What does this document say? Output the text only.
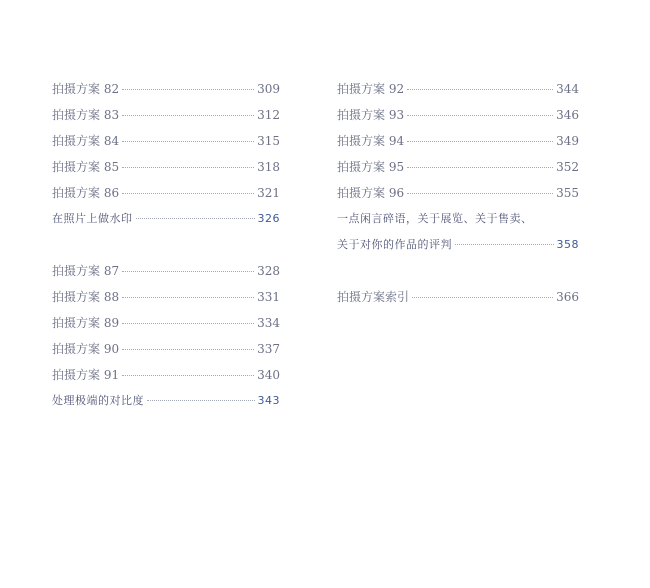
拍摄方案 82	309
拍摄方案 83	312
拍摄方案 84	315
拍摄方案 85	318
拍摄方案 86	321
在照片上做水印	326
拍摄方案 87	328
拍摄方案 88	331
拍摄方案 89	334
拍摄方案 90	337
拍摄方案 91	340
处理极端的对比度	343
拍摄方案 92	344
拍摄方案 93	346
拍摄方案 94	349
拍摄方案 95	352
拍摄方案 96	355
一点闲言碎语，关于展览、关于售卖、
关于对你的作品的评判	358
拍摄方案索引	366
